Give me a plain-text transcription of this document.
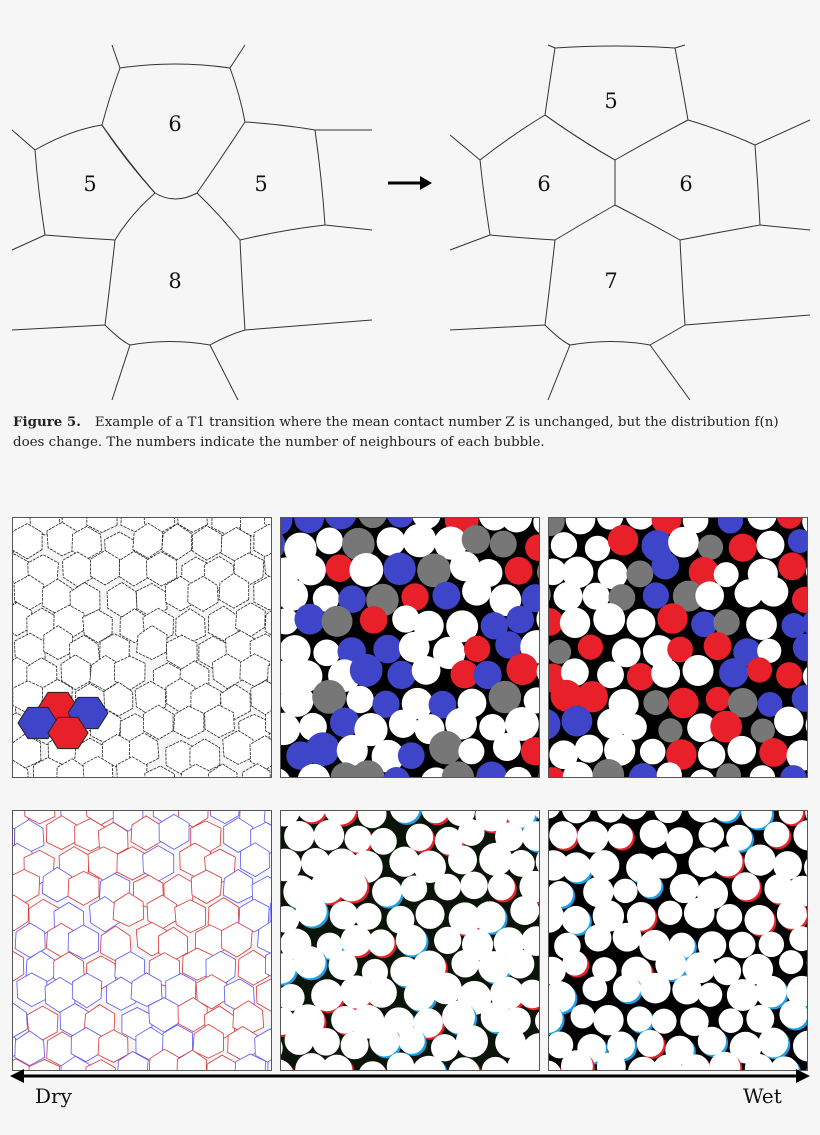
6
5	5
8
5
6	6
7
Figure 5. Example of a T1 transition where the mean contact number Z is unchanged, but the distribution f(n) does change. The numbers indicate the number of neighbours of each bubble.
Dry	Wet
